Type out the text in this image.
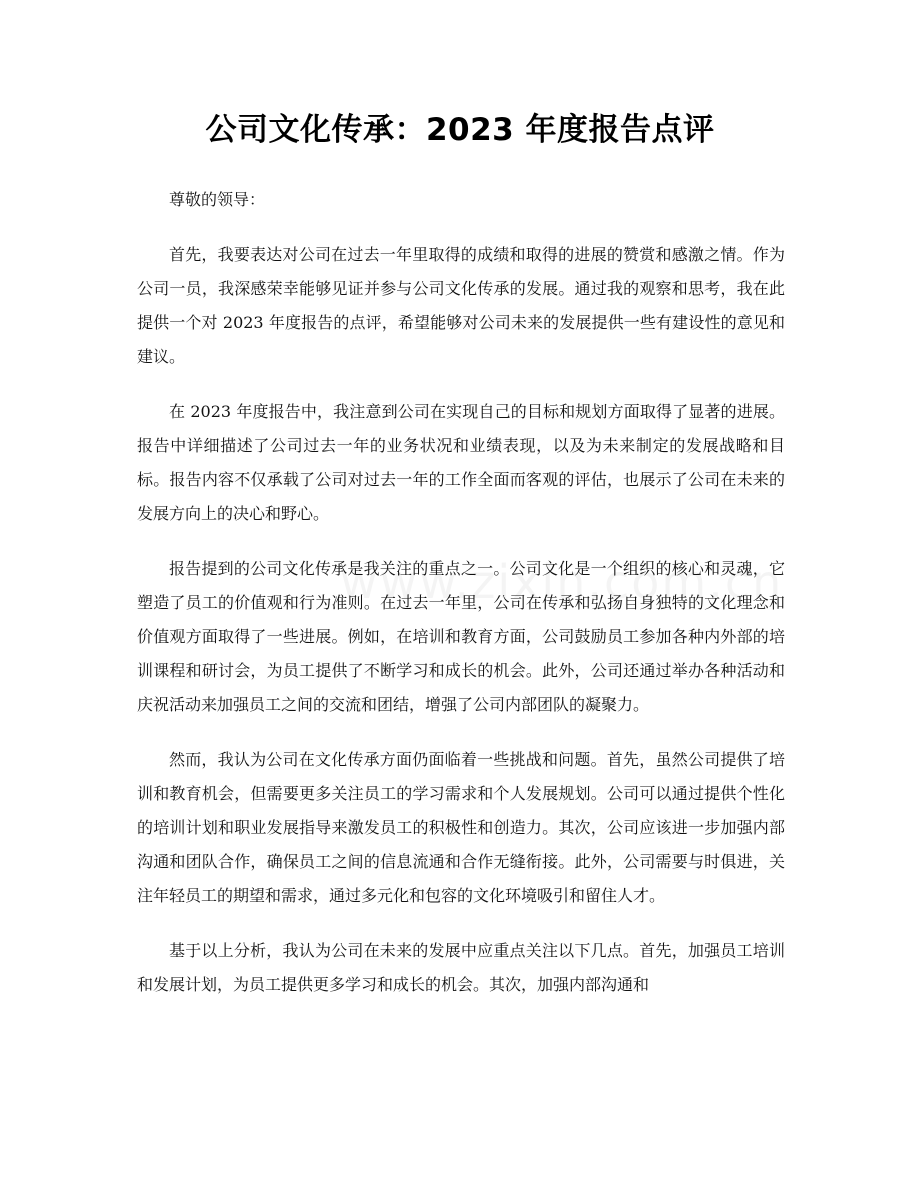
公司文化传承：2023 年度报告点评

尊敬的领导：

首先，我要表达对公司在过去一年里取得的成绩和取得的进展的赞赏和感激之情。作为公司一员，我深感荣幸能够见证并参与公司文化传承的发展。通过我的观察和思考，我在此提供一个对 2023 年度报告的点评，希望能够对公司未来的发展提供一些有建设性的意见和建议。

在 2023 年度报告中，我注意到公司在实现自己的目标和规划方面取得了显著的进展。报告中详细描述了公司过去一年的业务状况和业绩表现，以及为未来制定的发展战略和目标。报告内容不仅承载了公司对过去一年的工作全面而客观的评估，也展示了公司在未来的发展方向上的决心和野心。

报告提到的公司文化传承是我关注的重点之一。公司文化是一个组织的核心和灵魂，它塑造了员工的价值观和行为准则。在过去一年里，公司在传承和弘扬自身独特的文化理念和价值观方面取得了一些进展。例如，在培训和教育方面，公司鼓励员工参加各种内外部的培训课程和研讨会，为员工提供了不断学习和成长的机会。此外，公司还通过举办各种活动和庆祝活动来加强员工之间的交流和团结，增强了公司内部团队的凝聚力。

然而，我认为公司在文化传承方面仍面临着一些挑战和问题。首先，虽然公司提供了培训和教育机会，但需要更多关注员工的学习需求和个人发展规划。公司可以通过提供个性化的培训计划和职业发展指导来激发员工的积极性和创造力。其次，公司应该进一步加强内部沟通和团队合作，确保员工之间的信息流通和合作无缝衔接。此外，公司需要与时俱进，关注年轻员工的期望和需求，通过多元化和包容的文化环境吸引和留住人才。

基于以上分析，我认为公司在未来的发展中应重点关注以下几点。首先，加强员工培训和发展计划，为员工提供更多学习和成长的机会。其次，加强内部沟通和
